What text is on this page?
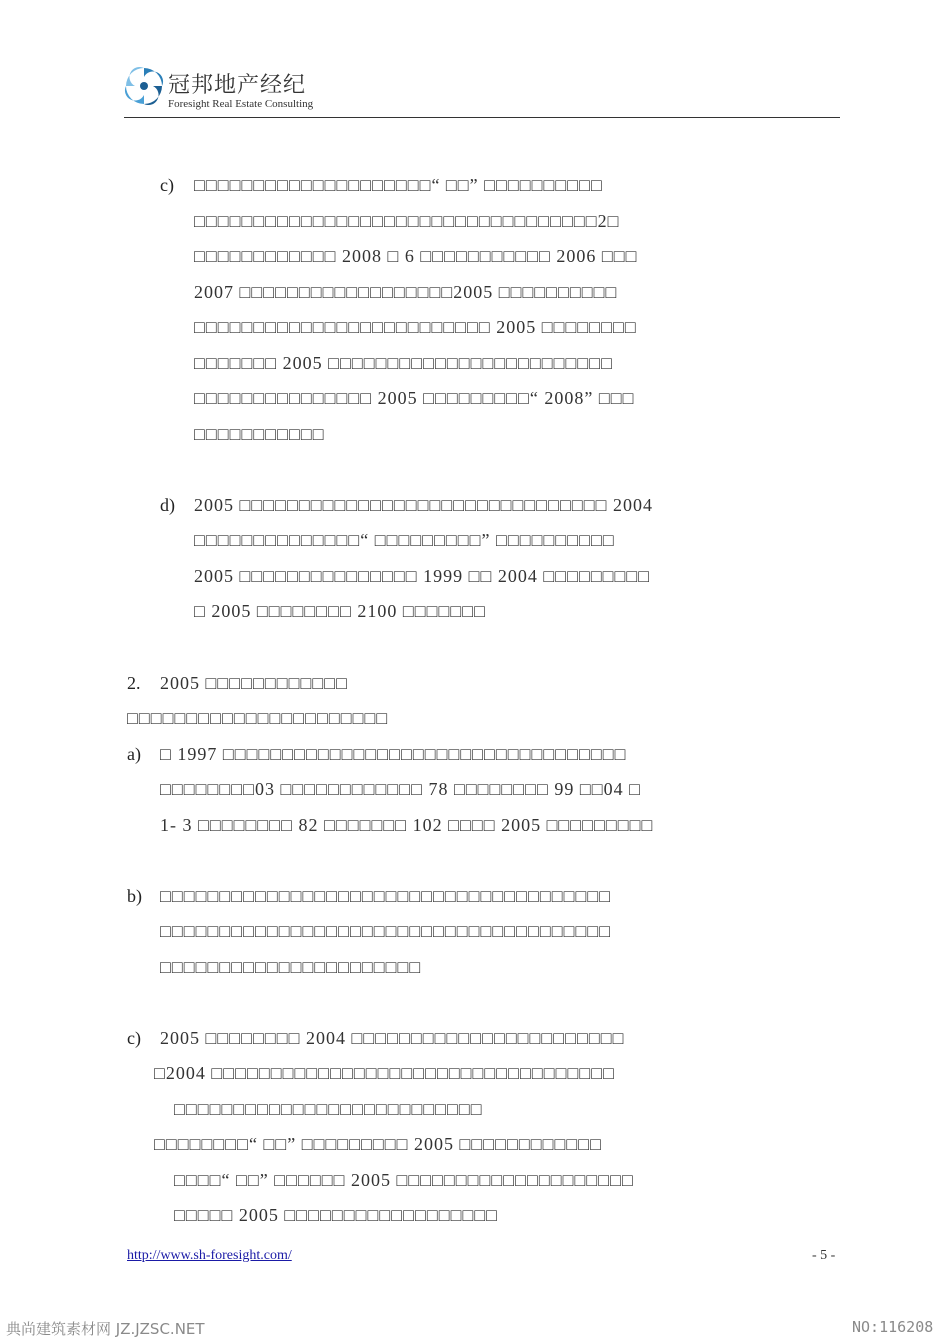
冠邦地产经纪
Foresight Real Estate Consulting
c) □□□□□□□□□□□□□□□□□□□□“ □□” □□□□□□□□□□
□□□□□□□□□□□□□□□□□□□□□□□□□□□□□□□□□□2□
□□□□□□□□□□□□ 2008 □ 6 □□□□□□□□□□□ 2006 □□□
2007 □□□□□□□□□□□□□□□□□□2005 □□□□□□□□□□
□□□□□□□□□□□□□□□□□□□□□□□□□ 2005 □□□□□□□□
□□□□□□□ 2005 □□□□□□□□□□□□□□□□□□□□□□□□
□□□□□□□□□□□□□□□ 2005 □□□□□□□□□“ 2008” □□□
□□□□□□□□□□□
d) 2005 □□□□□□□□□□□□□□□□□□□□□□□□□□□□□□□ 2004
□□□□□□□□□□□□□□“ □□□□□□□□□” □□□□□□□□□□
2005 □□□□□□□□□□□□□□□ 1999 □□ 2004 □□□□□□□□□
□ 2005 □□□□□□□□ 2100 □□□□□□□
2. 2005 □□□□□□□□□□□□
□□□□□□□□□□□□□□□□□□□□□□
a) □ 1997 □□□□□□□□□□□□□□□□□□□□□□□□□□□□□□□□□□
□□□□□□□□03 □□□□□□□□□□□□ 78 □□□□□□□□ 99 □□04 □
1- 3 □□□□□□□□ 82 □□□□□□□ 102 □□□□ 2005 □□□□□□□□□
b) □□□□□□□□□□□□□□□□□□□□□□□□□□□□□□□□□□□□□□
□□□□□□□□□□□□□□□□□□□□□□□□□□□□□□□□□□□□□□
□□□□□□□□□□□□□□□□□□□□□□
c) 2005 □□□□□□□□ 2004 □□□□□□□□□□□□□□□□□□□□□□□
□2004 □□□□□□□□□□□□□□□□□□□□□□□□□□□□□□□□□□
□□□□□□□□□□□□□□□□□□□□□□□□□□
□□□□□□□□“ □□” □□□□□□□□□ 2005 □□□□□□□□□□□□
□□□□“ □□” □□□□□□ 2005 □□□□□□□□□□□□□□□□□□□□
□□□□□ 2005 □□□□□□□□□□□□□□□□□□
http://www.sh-foresight.com/	- 5 -
典尚建筑素材网 JZ.JZSC.NET	NO:116208
